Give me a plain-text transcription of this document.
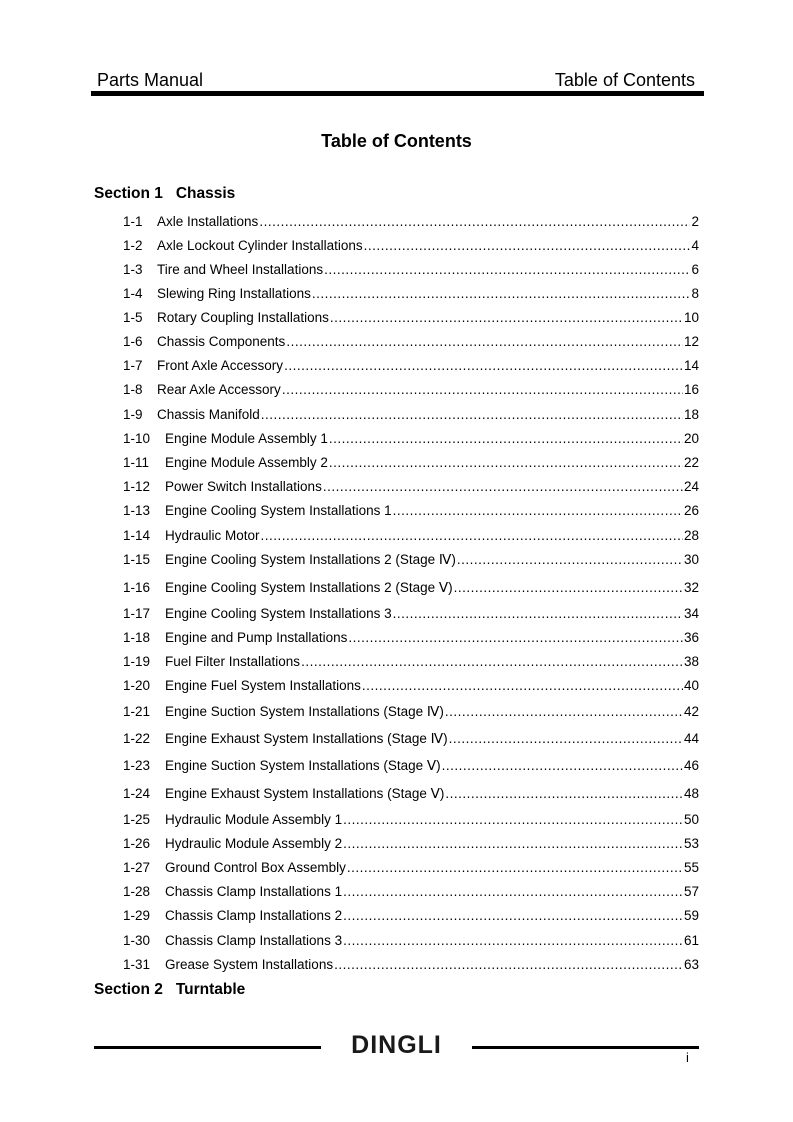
Parts Manual	Table of Contents
Table of Contents
Section 1 Chassis
1-1	Axle Installations .....	2
1-2	Axle Lockout Cylinder Installations .....	4
1-3	Tire and Wheel Installations .....	6
1-4	Slewing Ring Installations .....	8
1-5	Rotary Coupling Installations .....	10
1-6	Chassis Components .....	12
1-7	Front Axle Accessory .....	14
1-8	Rear Axle Accessory .....	16
1-9	Chassis Manifold .....	18
1-10	Engine Module Assembly 1 .....	20
1-11	Engine Module Assembly 2 .....	22
1-12	Power Switch Installations .....	24
1-13	Engine Cooling System Installations 1 .....	26
1-14	Hydraulic Motor .....	28
1-15	Engine Cooling System Installations 2 (Stage Ⅳ) .....	30
1-16	Engine Cooling System Installations 2 (Stage Ⅴ) .....	32
1-17	Engine Cooling System Installations 3 .....	34
1-18	Engine and Pump Installations .....	36
1-19	Fuel Filter Installations .....	38
1-20	Engine Fuel System Installations .....	40
1-21	Engine Suction System Installations (Stage Ⅳ) .....	42
1-22	Engine Exhaust System Installations (Stage Ⅳ) .....	44
1-23	Engine Suction System Installations (Stage Ⅴ) .....	46
1-24	Engine Exhaust System Installations (Stage Ⅴ) .....	48
1-25	Hydraulic Module Assembly 1 .....	50
1-26	Hydraulic Module Assembly 2 .....	53
1-27	Ground Control Box Assembly .....	55
1-28	Chassis Clamp Installations 1 .....	57
1-29	Chassis Clamp Installations 2 .....	59
1-30	Chassis Clamp Installations 3 .....	61
1-31	Grease System Installations .....	63
Section 2 Turntable
DINGLI	i
